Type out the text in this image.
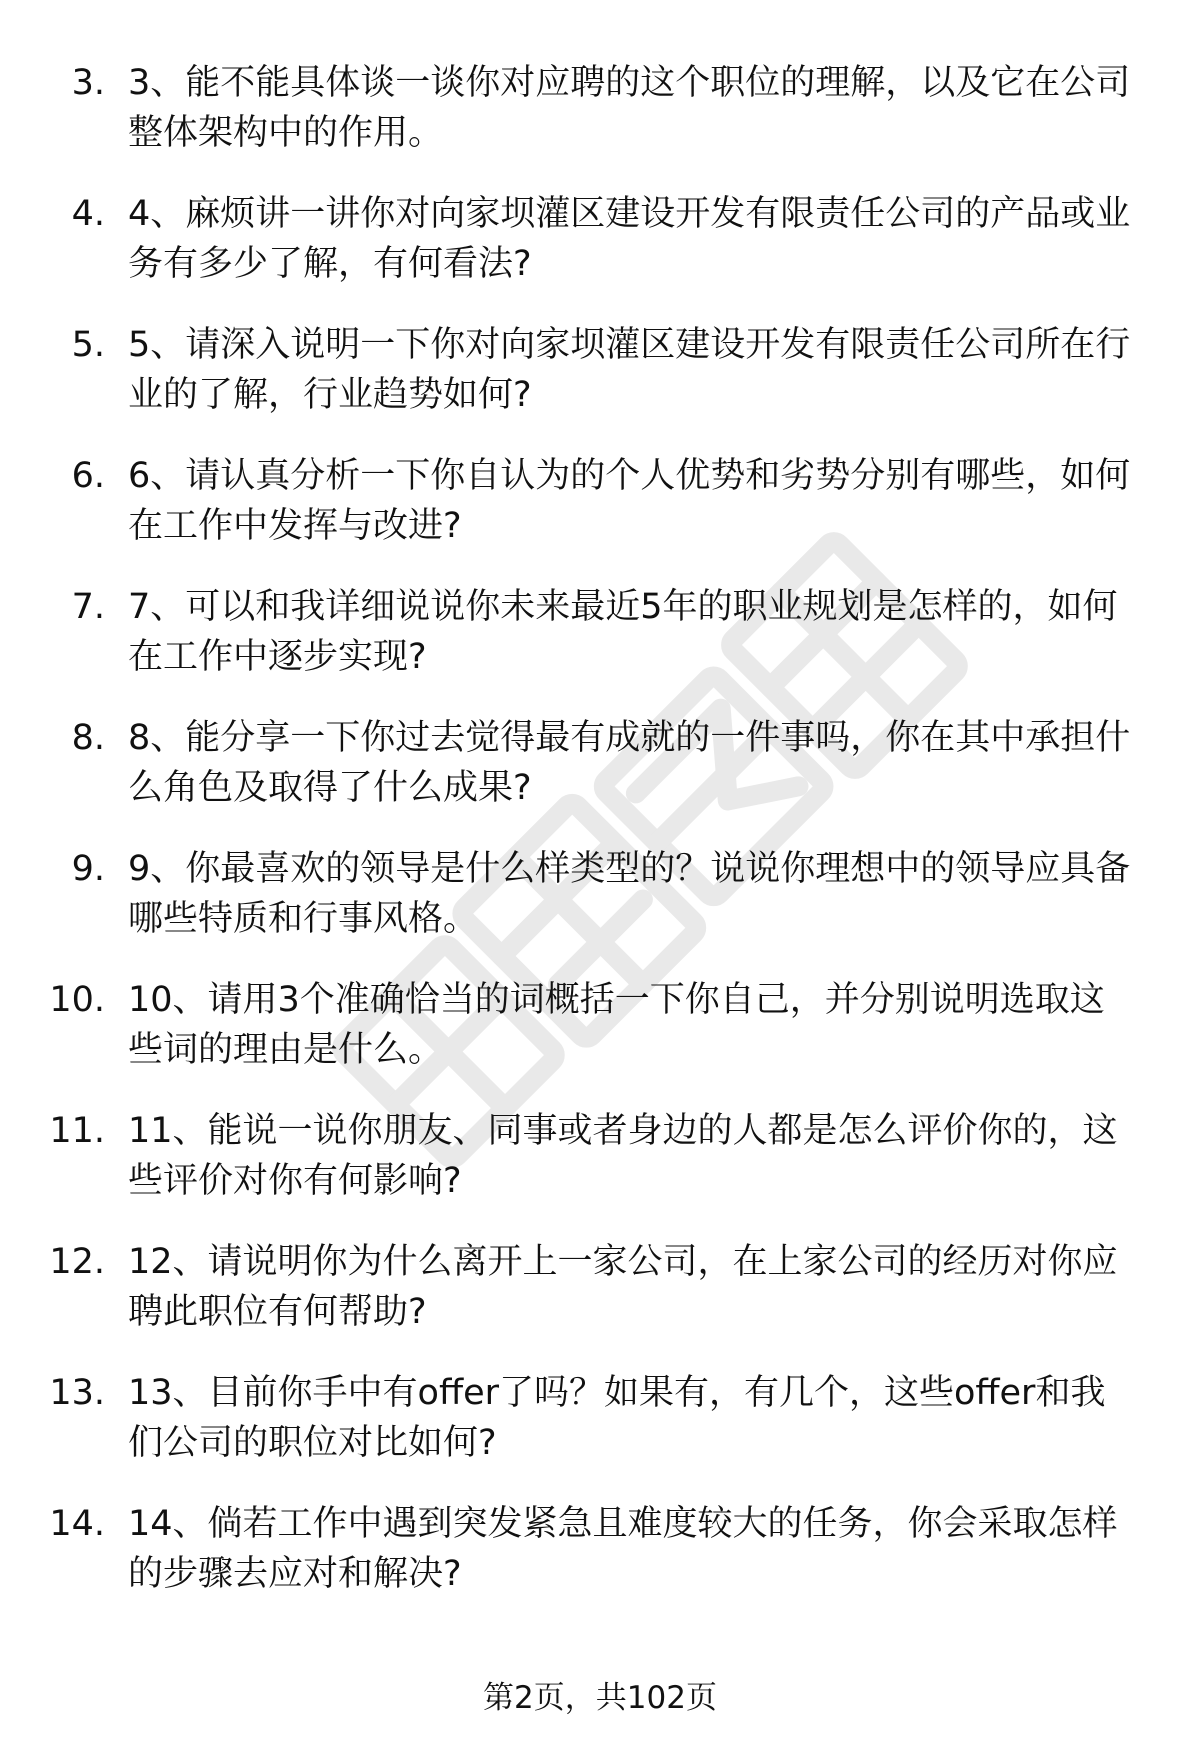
3. 3、能不能具体谈一谈你对应聘的这个职位的理解，以及它在公司
整体架构中的作用。
4. 4、麻烦讲一讲你对向家坝灌区建设开发有限责任公司的产品或业
务有多少了解，有何看法?
5. 5、请深入说明一下你对向家坝灌区建设开发有限责任公司所在行
业的了解，行业趋势如何?
6. 6、请认真分析一下你自认为的个人优势和劣势分别有哪些，如何
在工作中发挥与改进?
7. 7、可以和我详细说说你未来最近5年的职业规划是怎样的，如何
在工作中逐步实现?
8. 8、能分享一下你过去觉得最有成就的一件事吗，你在其中承担什
么角色及取得了什么成果?
9. 9、你最喜欢的领导是什么样类型的？说说你理想中的领导应具备
哪些特质和行事风格。
10. 10、请用3个准确恰当的词概括一下你自己，并分别说明选取这
些词的理由是什么。
11. 11、能说一说你朋友、同事或者身边的人都是怎么评价你的，这
些评价对你有何影响?
12. 12、请说明你为什么离开上一家公司，在上家公司的经历对你应
聘此职位有何帮助?
13. 13、目前你手中有offer了吗？如果有，有几个，这些offer和我
们公司的职位对比如何?
14. 14、倘若工作中遇到突发紧急且难度较大的任务，你会采取怎样
的步骤去应对和解决?
第2页，共102页
